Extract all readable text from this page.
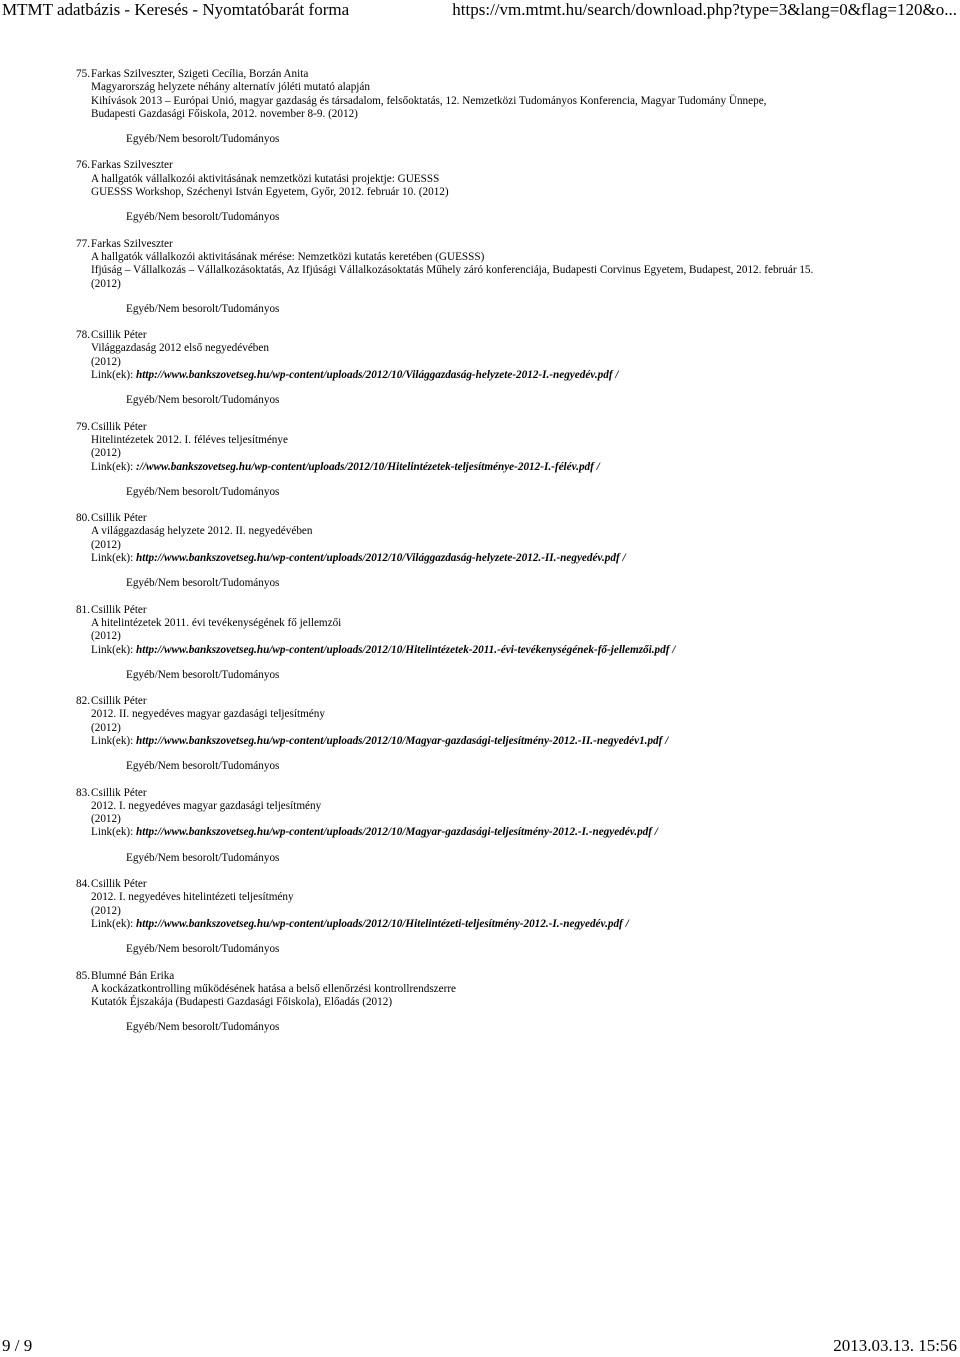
MTMT adatbázis - Keresés - Nyomtatóbarát forma	https://vm.mtmt.hu/search/download.php?type=3&lang=0&flag=120&o...
75.Farkas Szilveszter, Szigeti Cecília, Borzán Anita
Magyarország helyzete néhány alternatív jóléti mutató alapján
Kihívások 2013 – Európai Unió, magyar gazdaság és társadalom, felsőoktatás, 12. Nemzetközi Tudományos Konferencia, Magyar Tudomány Ünnepe,
Budapesti Gazdasági Főiskola, 2012. november 8-9. (2012)
Egyéb/Nem besorolt/Tudományos
76.Farkas Szilveszter
A hallgatók vállalkozói aktivitásának nemzetközi kutatási projektje: GUESSS
GUESSS Workshop, Széchenyi István Egyetem, Győr, 2012. február 10. (2012)
Egyéb/Nem besorolt/Tudományos
77.Farkas Szilveszter
A hallgatók vállalkozói aktivitásának mérése: Nemzetközi kutatás keretében (GUESSS)
Ifjúság – Vállalkozás – Vállalkozásoktatás, Az Ifjúsági Vállalkozásoktatás Műhely záró konferenciája, Budapesti Corvinus Egyetem, Budapest, 2012. február 15.
(2012)
Egyéb/Nem besorolt/Tudományos
78.Csillik Péter
Világgazdaság 2012 első negyedévében
(2012)
Link(ek): http://www.bankszovetseg.hu/wp-content/uploads/2012/10/Világgazdaság-helyzete-2012-I.-negyedév.pdf /
Egyéb/Nem besorolt/Tudományos
79.Csillik Péter
Hitelintézetek 2012. I. féléves teljesítménye
(2012)
Link(ek): ://www.bankszovetseg.hu/wp-content/uploads/2012/10/Hitelintézetek-teljesítménye-2012-I.-félév.pdf /
Egyéb/Nem besorolt/Tudományos
80.Csillik Péter
A világgazdaság helyzete 2012. II. negyedévében
(2012)
Link(ek): http://www.bankszovetseg.hu/wp-content/uploads/2012/10/Világgazdaság-helyzete-2012.-II.-negyedév.pdf /
Egyéb/Nem besorolt/Tudományos
81.Csillik Péter
A hitelintézetek 2011. évi tevékenységének fő jellemzői
(2012)
Link(ek): http://www.bankszovetseg.hu/wp-content/uploads/2012/10/Hitelintézetek-2011.-évi-tevékenységének-fő-jellemzői.pdf /
Egyéb/Nem besorolt/Tudományos
82.Csillik Péter
2012. II. negyedéves magyar gazdasági teljesítmény
(2012)
Link(ek): http://www.bankszovetseg.hu/wp-content/uploads/2012/10/Magyar-gazdasági-teljesítmény-2012.-II.-negyedév1.pdf /
Egyéb/Nem besorolt/Tudományos
83.Csillik Péter
2012. I. negyedéves magyar gazdasági teljesítmény
(2012)
Link(ek): http://www.bankszovetseg.hu/wp-content/uploads/2012/10/Magyar-gazdasági-teljesítmény-2012.-I.-negyedév.pdf /
Egyéb/Nem besorolt/Tudományos
84.Csillik Péter
2012. I. negyedéves hitelintézeti teljesítmény
(2012)
Link(ek): http://www.bankszovetseg.hu/wp-content/uploads/2012/10/Hitelintézeti-teljesítmény-2012.-I.-negyedév.pdf /
Egyéb/Nem besorolt/Tudományos
85.Blumné Bán Erika
A kockázatkontrolling működésének hatása a belső ellenőrzési kontrollrendszerre
Kutatók Éjszakája (Budapesti Gazdasági Főiskola), Előadás (2012)
Egyéb/Nem besorolt/Tudományos
9 / 9	2013.03.13. 15:56
